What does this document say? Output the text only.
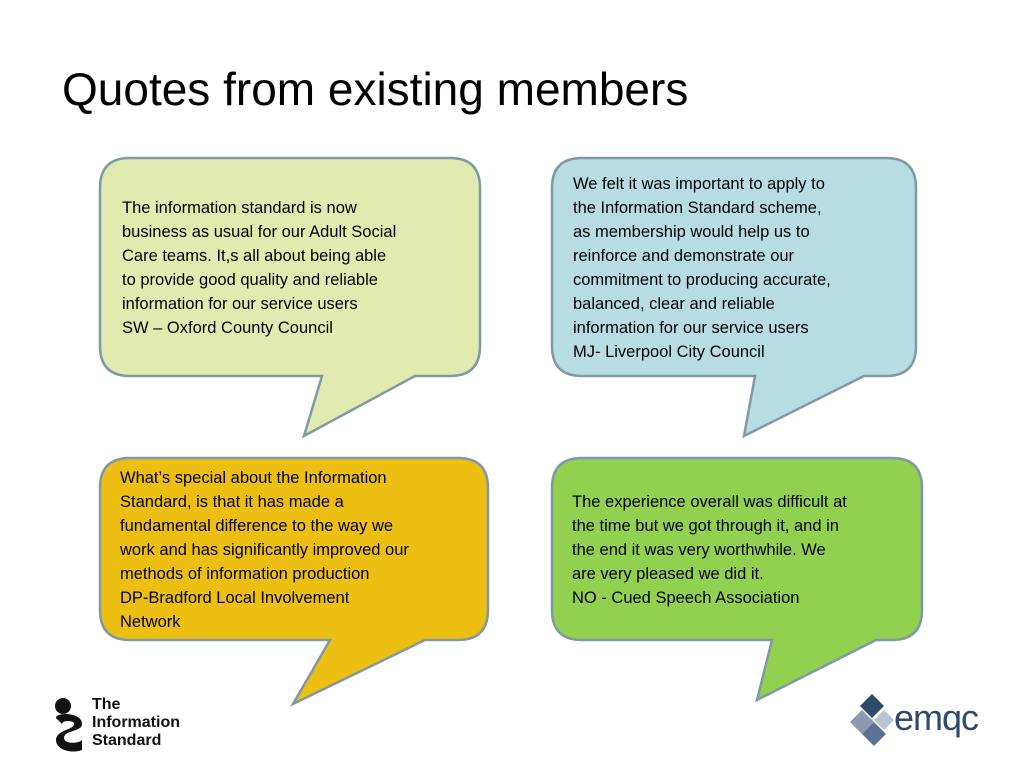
Quotes from existing members
The information standard is now
business as usual for our Adult Social
Care teams. It,s all about being able
to provide good quality and reliable
information for our service users
SW – Oxford County Council
We felt it was important to apply to
the Information Standard scheme,
as membership would help us to
reinforce and demonstrate our
commitment to producing accurate,
balanced, clear and reliable
information for our service users
MJ- Liverpool City Council
What’s special about the Information
Standard, is that it has made a
fundamental difference to the way we
work and has significantly improved our
methods of information production
DP-Bradford Local Involvement
Network
The experience overall was difficult at
the time but we got through it, and in
the end it was very worthwhile. We
are very pleased we did it.
NO - Cued Speech Association
The
Information
Standard
emqc
